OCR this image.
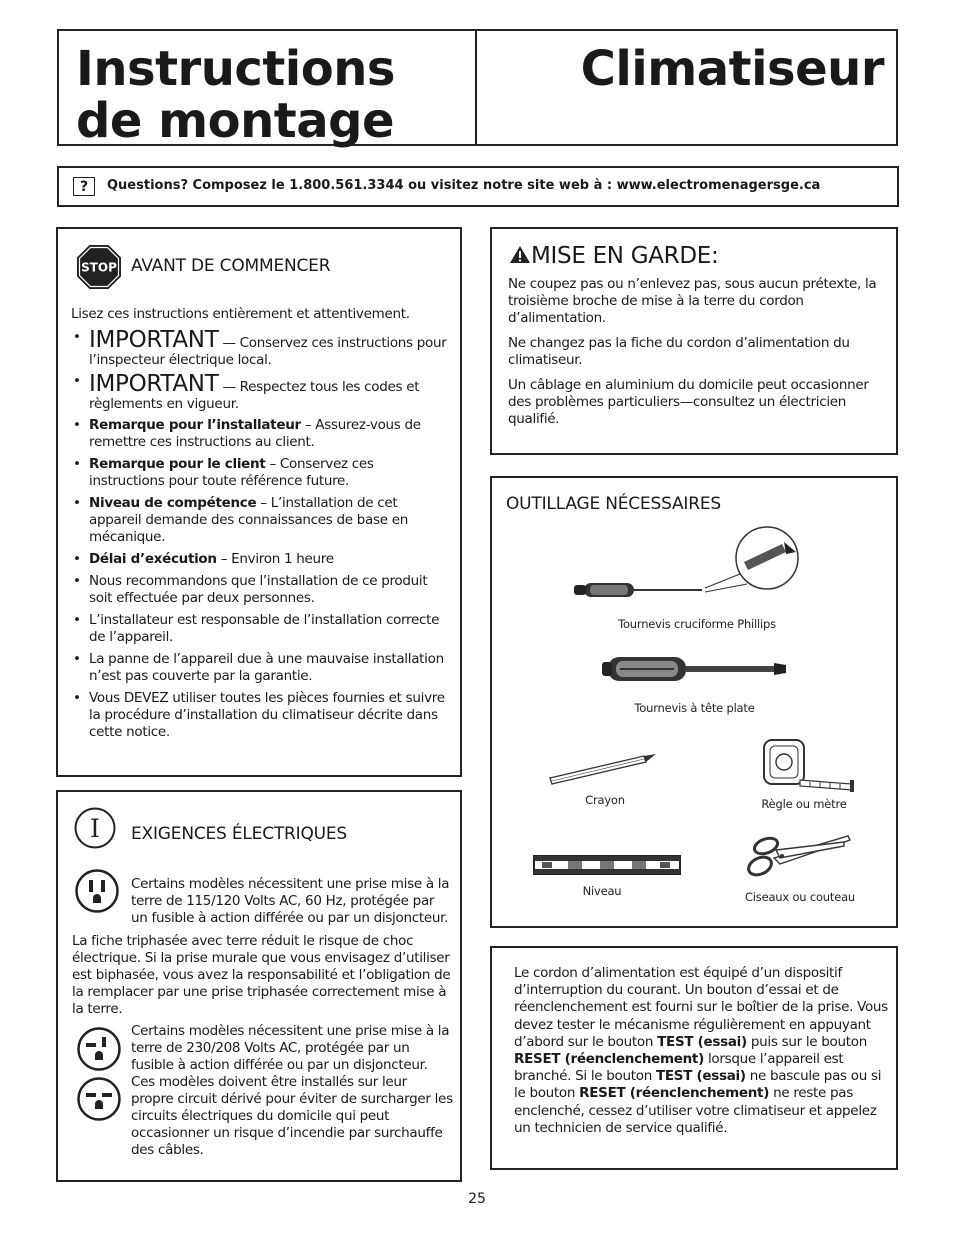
Instructions
de montage
Climatiseur
?	Questions? Composez le 1.800.561.3344 ou visitez notre site web à : www.electromenagersge.ca
STOP AVANT DE COMMENCER
Lisez ces instructions entièrement et attentivement.
• IMPORTANT — Conservez ces instructions pour l’inspecteur électrique local.
• IMPORTANT — Respectez tous les codes et règlements en vigueur.
• Remarque pour l’installateur – Assurez-vous de remettre ces instructions au client.
• Remarque pour le client – Conservez ces instructions pour toute référence future.
• Niveau de compétence – L’installation de cet appareil demande des connaissances de base en mécanique.
• Délai d’exécution – Environ 1 heure
• Nous recommandons que l’installation de ce produit soit effectuée par deux personnes.
• L’installateur est responsable de l’installation correcte de l’appareil.
• La panne de l’appareil due à une mauvaise installation n’est pas couverte par la garantie.
• Vous DEVEZ utiliser toutes les pièces fournies et suivre la procédure d’installation du climatiseur décrite dans cette notice.
MISE EN GARDE:

Ne coupez pas ou n’enlevez pas, sous aucun prétexte, la troisième broche de mise à la terre du cordon d’alimentation.

Ne changez pas la fiche du cordon d’alimentation du climatiseur.

Un câblage en aluminium du domicile peut occasionner des problèmes particuliers—consultez un électricien qualifié.

OUTILLAGE NÉCESSAIRES
Tournevis cruciforme Phillips
Tournevis à tête plate
Crayon	Règle ou mètre
Niveau	Ciseaux ou couteau
I EXIGENCES ÉLECTRIQUES
Certains modèles nécessitent une prise mise à la terre de 115/120 Volts AC, 60 Hz, protégée par un fusible à action différée ou par un disjoncteur.
La fiche triphasée avec terre réduit le risque de choc électrique. Si la prise murale que vous envisagez d’utiliser est biphasée, vous avez la responsabilité et l’obligation de la remplacer par une prise triphasée correctement mise à la terre.
Certains modèles nécessitent une prise mise à la terre de 230/208 Volts AC, protégée par un fusible à action différée ou par un disjoncteur. Ces modèles doivent être installés sur leur propre circuit dérivé pour éviter de surcharger les circuits électriques du domicile qui peut occasionner un risque d’incendie par surchauffe des câbles.
Le cordon d’alimentation est équipé d’un dispositif d’interruption du courant. Un bouton d’essai et de réenclenchement est fourni sur le boîtier de la prise. Vous devez tester le mécanisme régulièrement en appuyant d’abord sur le bouton TEST (essai) puis sur le bouton RESET (réenclenchement) lorsque l’appareil est branché. Si le bouton TEST (essai) ne bascule pas ou si le bouton RESET (réenclenchement) ne reste pas enclenché, cessez d’utiliser votre climatiseur et appelez un technicien de service qualifié.
25
